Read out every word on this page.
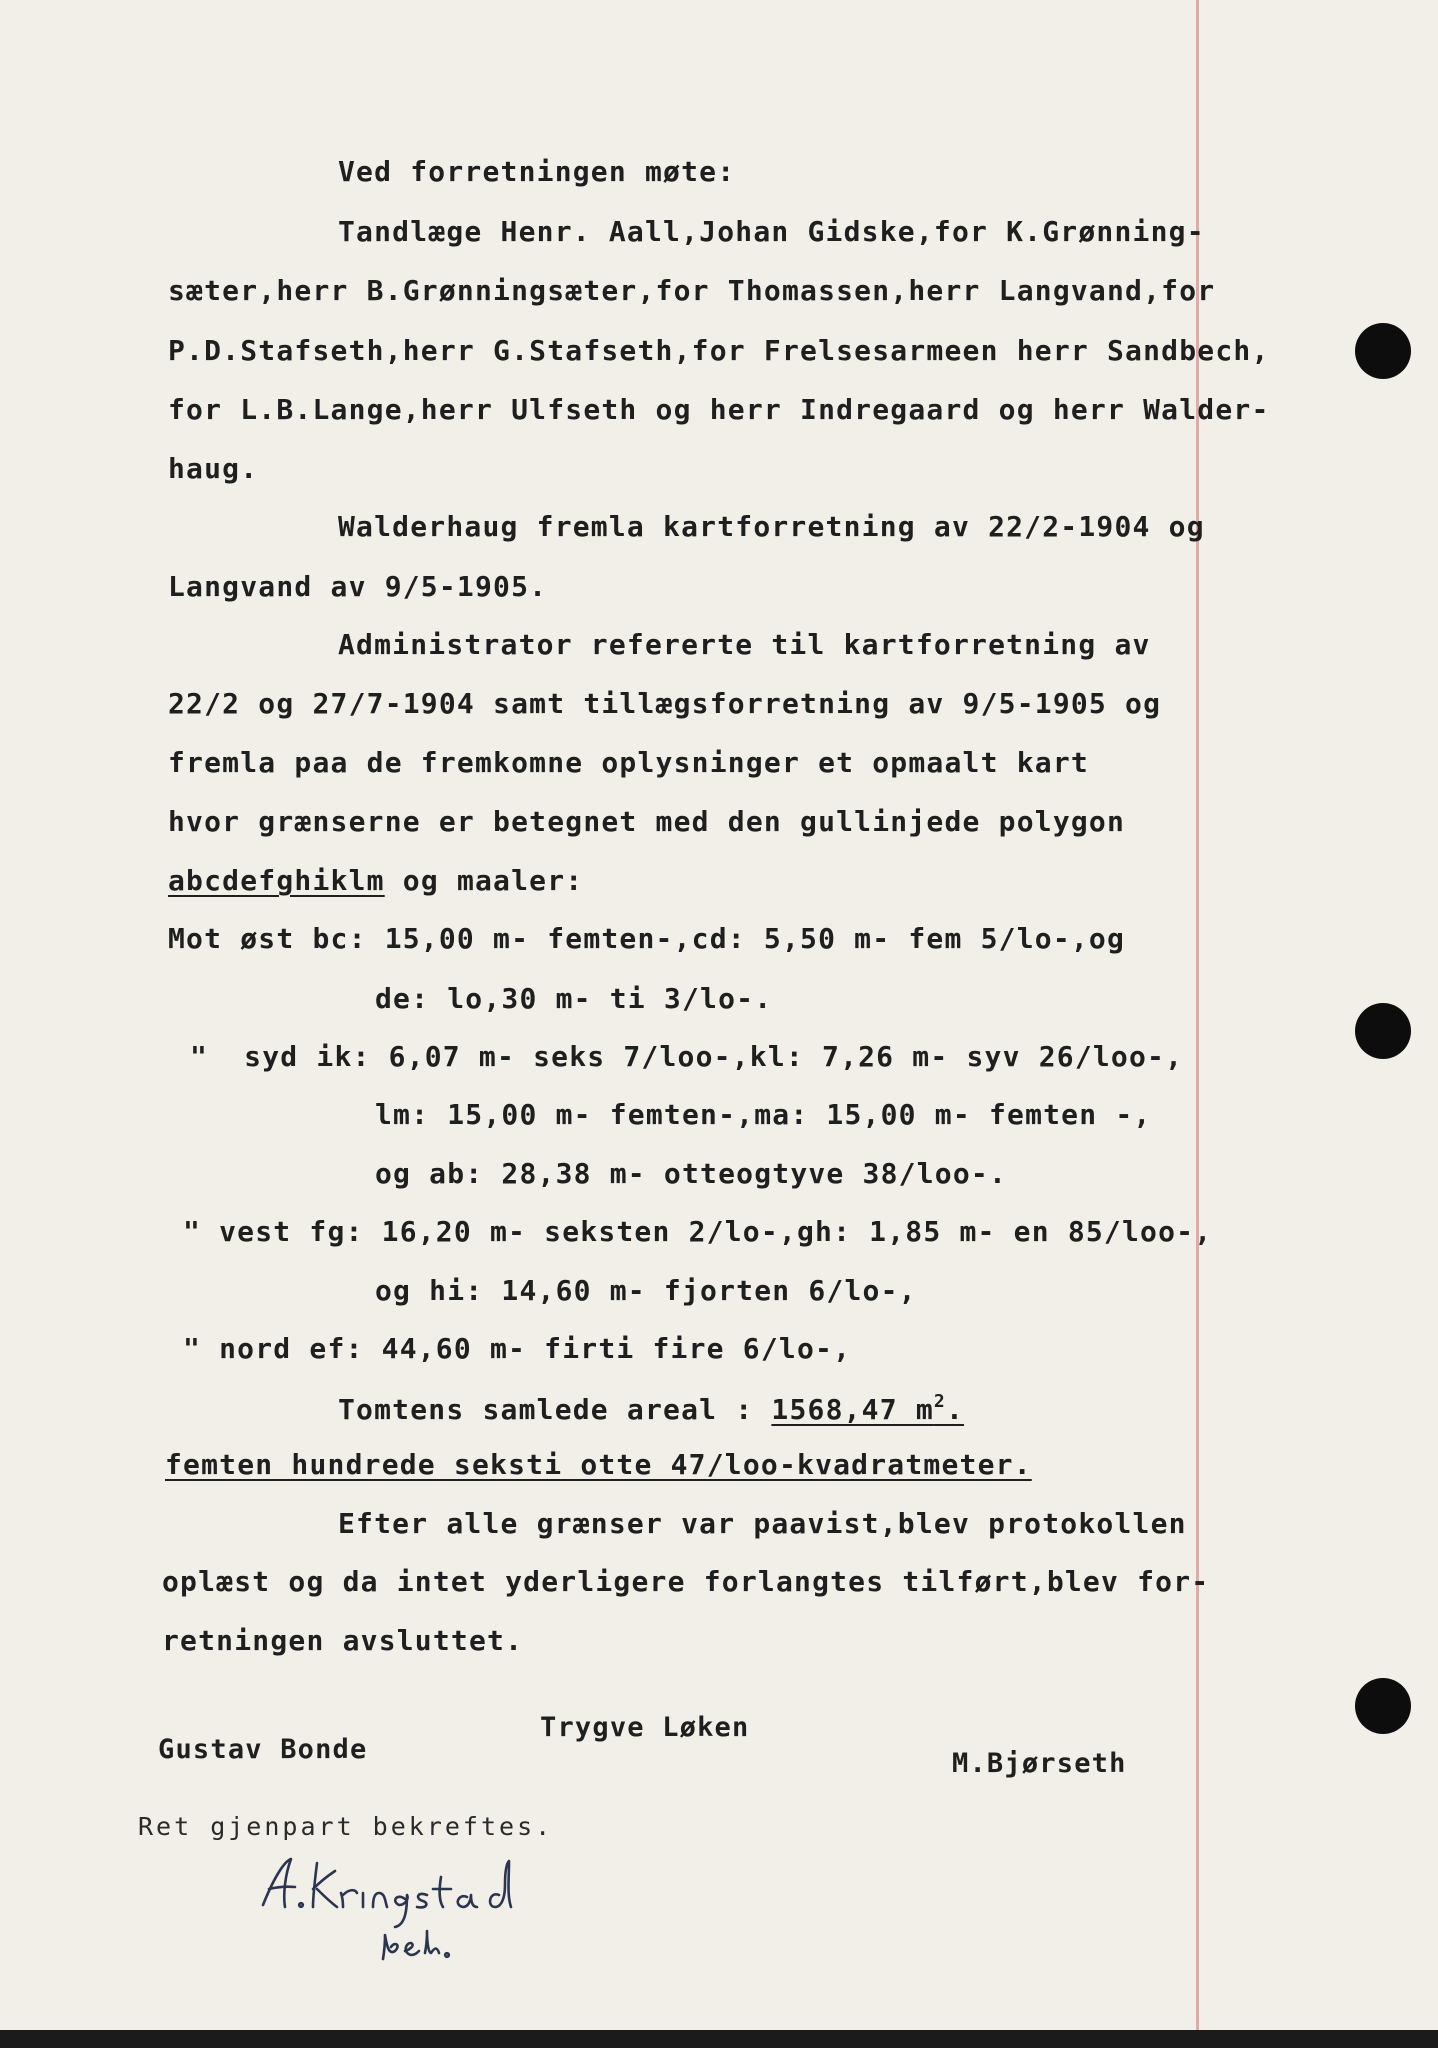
Ved forretningen møte:
Tandlæge Henr. Aall,Johan Gidske,for K.Grønning-
sæter,herr B.Grønningsæter,for Thomassen,herr Langvand,for
P.D.Stafseth,herr G.Stafseth,for Frelsesarmeen herr Sandbech,
for L.B.Lange,herr Ulfseth og herr Indregaard og herr Walder-
haug.
Walderhaug fremla kartforretning av 22/2-1904 og
Langvand av 9/5-1905.
Administrator refererte til kartforretning av
22/2 og 27/7-1904 samt tillægsforretning av 9/5-1905 og
fremla paa de fremkomne oplysninger et opmaalt kart
hvor grænserne er betegnet med den gullinjede polygon
abcdefghiklm og maaler:
Mot øst bc: 15,00 m- femten-,cd: 5,50 m- fem 5/lo-,og
de: lo,30 m- ti 3/lo-.
"  syd ik: 6,07 m- seks 7/loo-,kl: 7,26 m- syv 26/loo-,
lm: 15,00 m- femten-,ma: 15,00 m- femten -,
og ab: 28,38 m- otteogtyve 38/loo-.
" vest fg: 16,20 m- seksten 2/lo-,gh: 1,85 m- en 85/loo-,
og hi: 14,60 m- fjorten 6/lo-,
" nord ef: 44,60 m- firti fire 6/lo-,
Tomtens samlede areal : 1568,47 $m^2$.
femten hundrede seksti otte 47/loo-kvadratmeter.
Efter alle grænser var paavist,blev protokollen
oplæst og da intet yderligere forlangtes tilført,blev for-
retningen avsluttet.
Trygve Løken
Gustav Bonde	M.Bjørseth
Ret gjenpart bekreftes.
